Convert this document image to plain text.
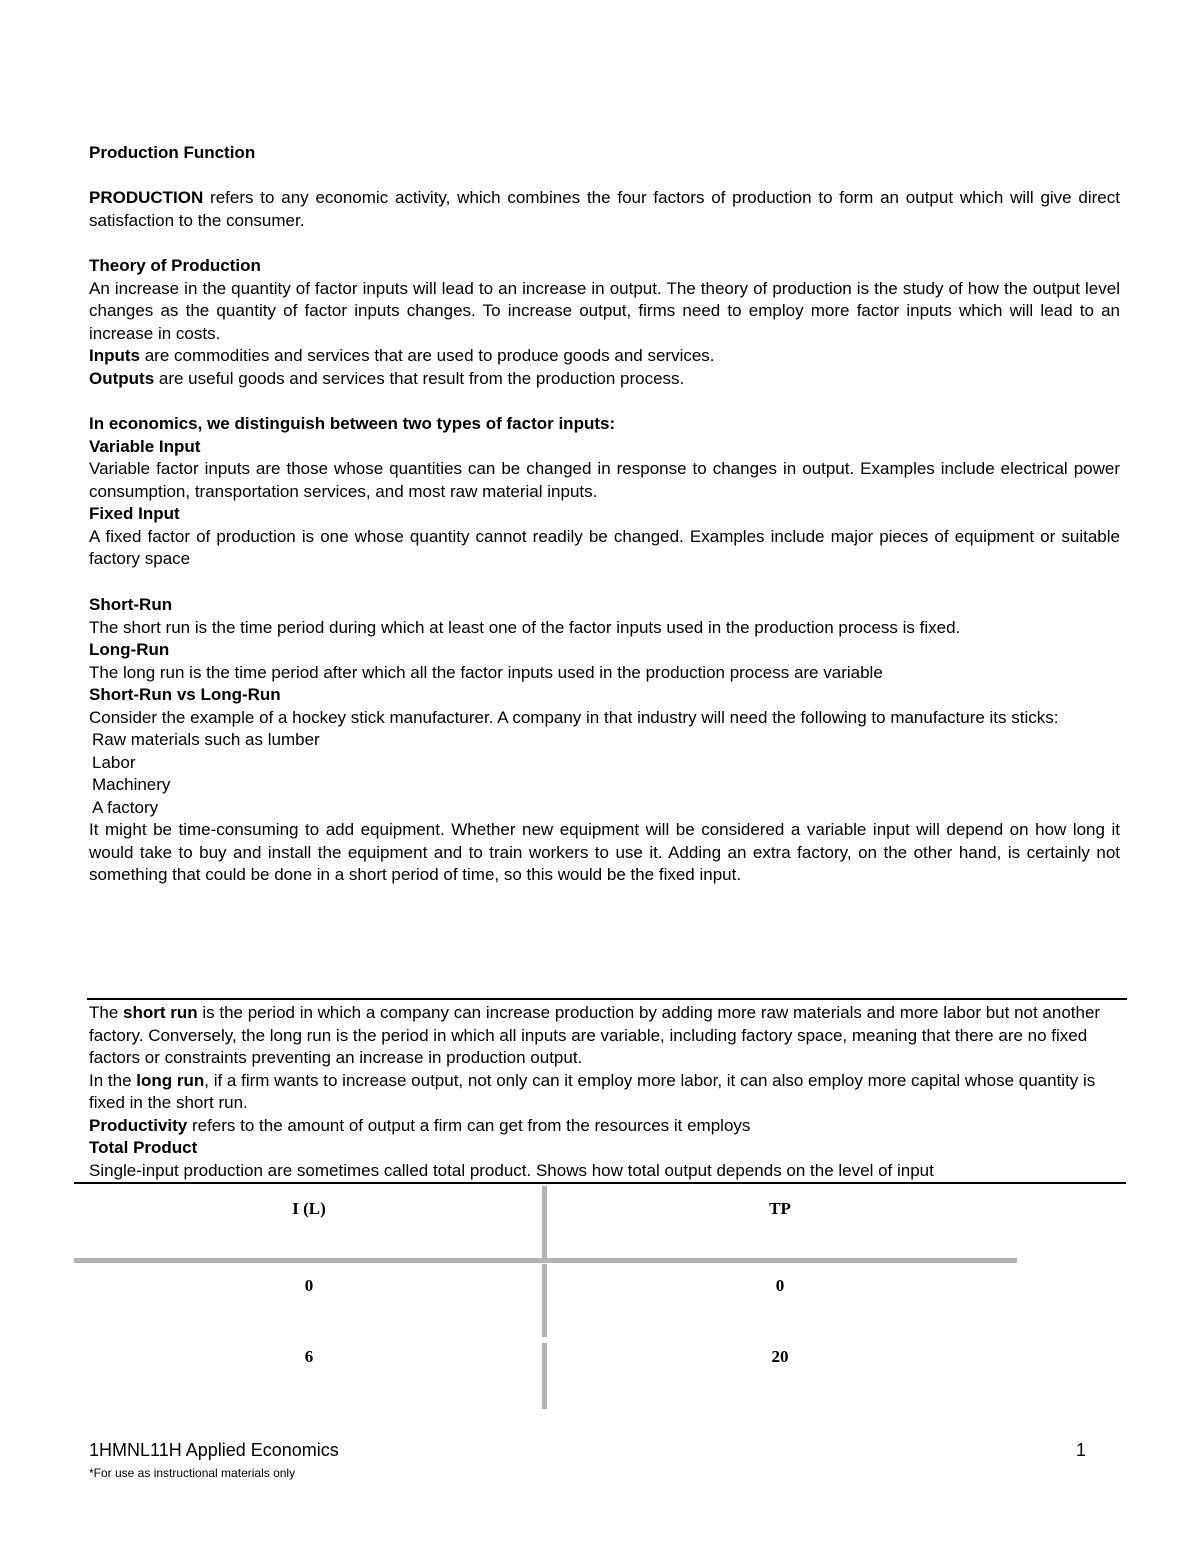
Production Function
PRODUCTION refers to any economic activity, which combines the four factors of production to form an output which will give direct satisfaction to the consumer.
Theory of Production
An increase in the quantity of factor inputs will lead to an increase in output. The theory of production is the study of how the output level changes as the quantity of factor inputs changes. To increase output, firms need to employ more factor inputs which will lead to an increase in costs.
Inputs are commodities and services that are used to produce goods and services.
Outputs are useful goods and services that result from the production process.
In economics, we distinguish between two types of factor inputs:
Variable Input
Variable factor inputs are those whose quantities can be changed in response to changes in output. Examples include electrical power consumption, transportation services, and most raw material inputs.
Fixed Input
A fixed factor of production is one whose quantity cannot readily be changed. Examples include major pieces of equipment or suitable factory space
Short-Run
The short run is the time period during which at least one of the factor inputs used in the production process is fixed.
Long-Run
The long run is the time period after which all the factor inputs used in the production process are variable
Short-Run vs Long-Run
Consider the example of a hockey stick manufacturer. A company in that industry will need the following to manufacture its sticks:
Raw materials such as lumber
Labor
Machinery
A factory
It might be time-consuming to add equipment. Whether new equipment will be considered a variable input will depend on how long it would take to buy and install the equipment and to train workers to use it. Adding an extra factory, on the other hand, is certainly not something that could be done in a short period of time, so this would be the fixed input.
The short run is the period in which a company can increase production by adding more raw materials and more labor but not another factory. Conversely, the long run is the period in which all inputs are variable, including factory space, meaning that there are no fixed factors or constraints preventing an increase in production output.
In the long run, if a firm wants to increase output, not only can it employ more labor, it can also employ more capital whose quantity is fixed in the short run.
Productivity refers to the amount of output a firm can get from the resources it employs
Total Product
Single-input production are sometimes called total product. Shows how total output depends on the level of input
I (L)	TP
0	0
6	20
1HMNL11H Applied Economics	1
*For use as instructional materials only
